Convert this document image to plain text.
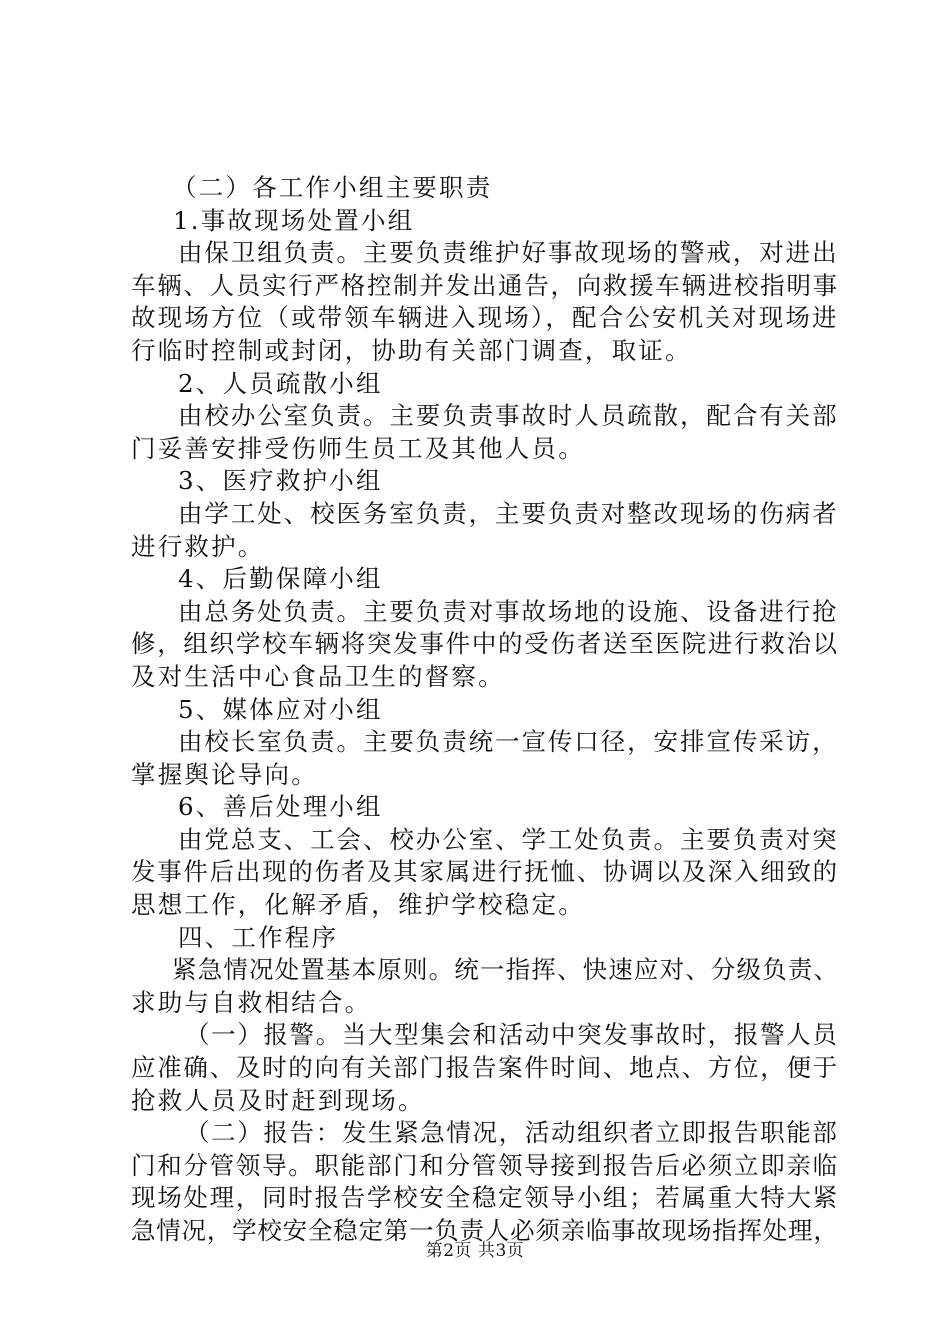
（二）各工作小组主要职责
1.事故现场处置小组
由保卫组负责。主要负责维护好事故现场的警戒，对进出
车辆、人员实行严格控制并发出通告，向救援车辆进校指明事
故现场方位（或带领车辆进入现场），配合公安机关对现场进
行临时控制或封闭，协助有关部门调查，取证。
2、人员疏散小组
由校办公室负责。主要负责事故时人员疏散，配合有关部
门妥善安排受伤师生员工及其他人员。
3、医疗救护小组
由学工处、校医务室负责，主要负责对整改现场的伤病者
进行救护。
4、后勤保障小组
由总务处负责。主要负责对事故场地的设施、设备进行抢
修，组织学校车辆将突发事件中的受伤者送至医院进行救治以
及对生活中心食品卫生的督察。
5、媒体应对小组
由校长室负责。主要负责统一宣传口径，安排宣传采访，
掌握舆论导向。
6、善后处理小组
由党总支、工会、校办公室、学工处负责。主要负责对突
发事件后出现的伤者及其家属进行抚恤、协调以及深入细致的
思想工作，化解矛盾，维护学校稳定。
四、工作程序
紧急情况处置基本原则。统一指挥、快速应对、分级负责、
求助与自救相结合。
（一）报警。当大型集会和活动中突发事故时，报警人员
应准确、及时的向有关部门报告案件时间、地点、方位，便于
抢救人员及时赶到现场。
（二）报告：发生紧急情况，活动组织者立即报告职能部
门和分管领导。职能部门和分管领导接到报告后必须立即亲临
现场处理，同时报告学校安全稳定领导小组；若属重大特大紧
急情况，学校安全稳定第一负责人必须亲临事故现场指挥处理，
第2页 共3页
